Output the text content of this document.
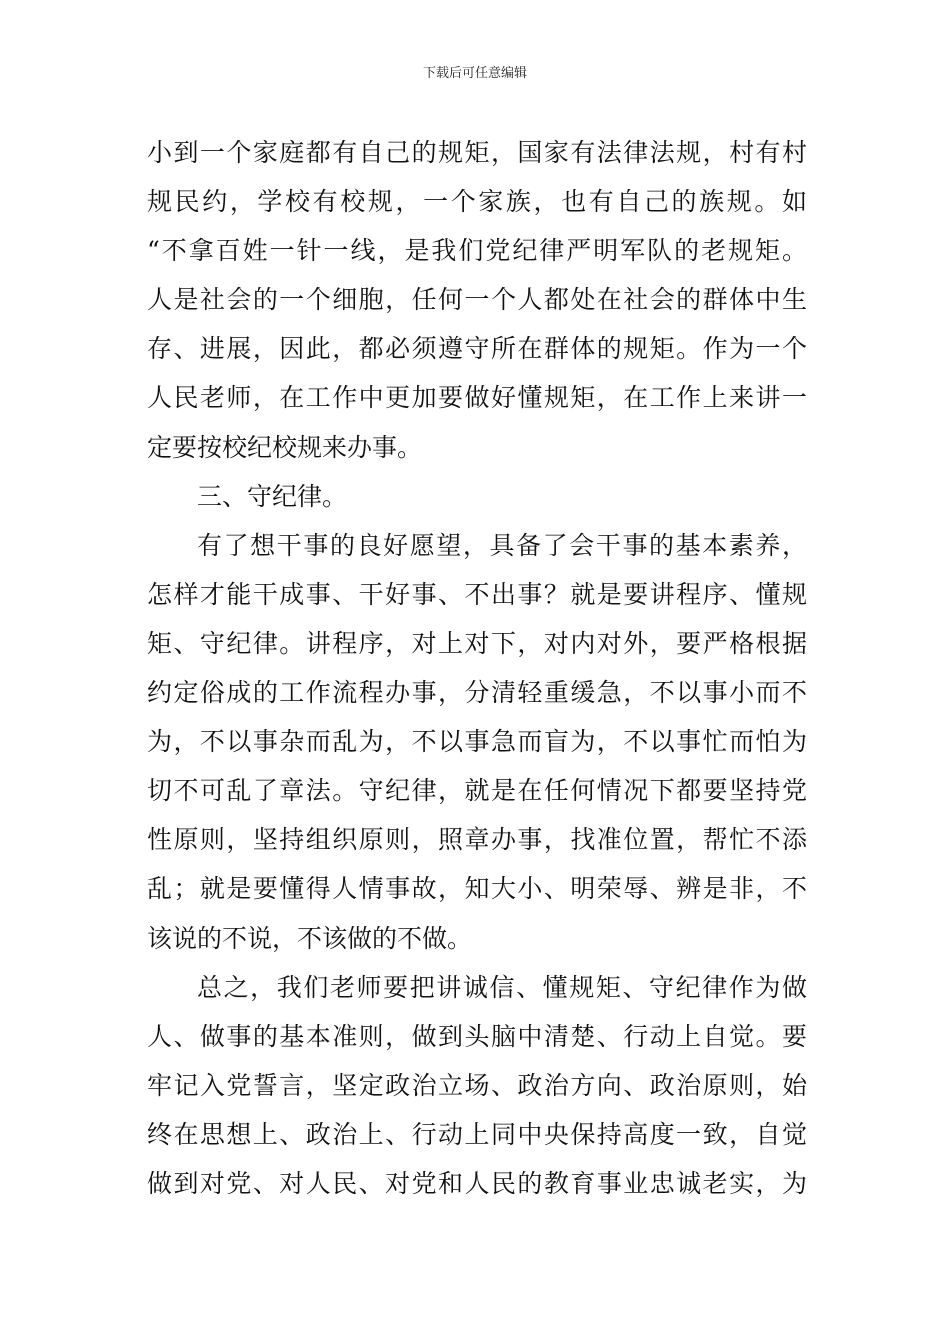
下载后可任意编辑
小到一个家庭都有自己的规矩，国家有法律法规，村有村
规民约，学校有校规，一个家族，也有自己的族规。如
“不拿百姓一针一线，是我们党纪律严明军队的老规矩。
人是社会的一个细胞，任何一个人都处在社会的群体中生
存、进展，因此，都必须遵守所在群体的规矩。作为一个
人民老师，在工作中更加要做好懂规矩，在工作上来讲一
定要按校纪校规来办事。
三、守纪律。
有了想干事的良好愿望，具备了会干事的基本素养，
怎样才能干成事、干好事、不出事？就是要讲程序、懂规
矩、守纪律。讲程序，对上对下，对内对外，要严格根据
约定俗成的工作流程办事，分清轻重缓急，不以事小而不
为，不以事杂而乱为，不以事急而盲为，不以事忙而怕为
切不可乱了章法。守纪律，就是在任何情况下都要坚持党
性原则，坚持组织原则，照章办事，找准位置，帮忙不添
乱；就是要懂得人情事故，知大小、明荣辱、辨是非，不
该说的不说，不该做的不做。
总之，我们老师要把讲诚信、懂规矩、守纪律作为做
人、做事的基本准则，做到头脑中清楚、行动上自觉。要
牢记入党誓言，坚定政治立场、政治方向、政治原则，始
终在思想上、政治上、行动上同中央保持高度一致，自觉
做到对党、对人民、对党和人民的教育事业忠诚老实，为
